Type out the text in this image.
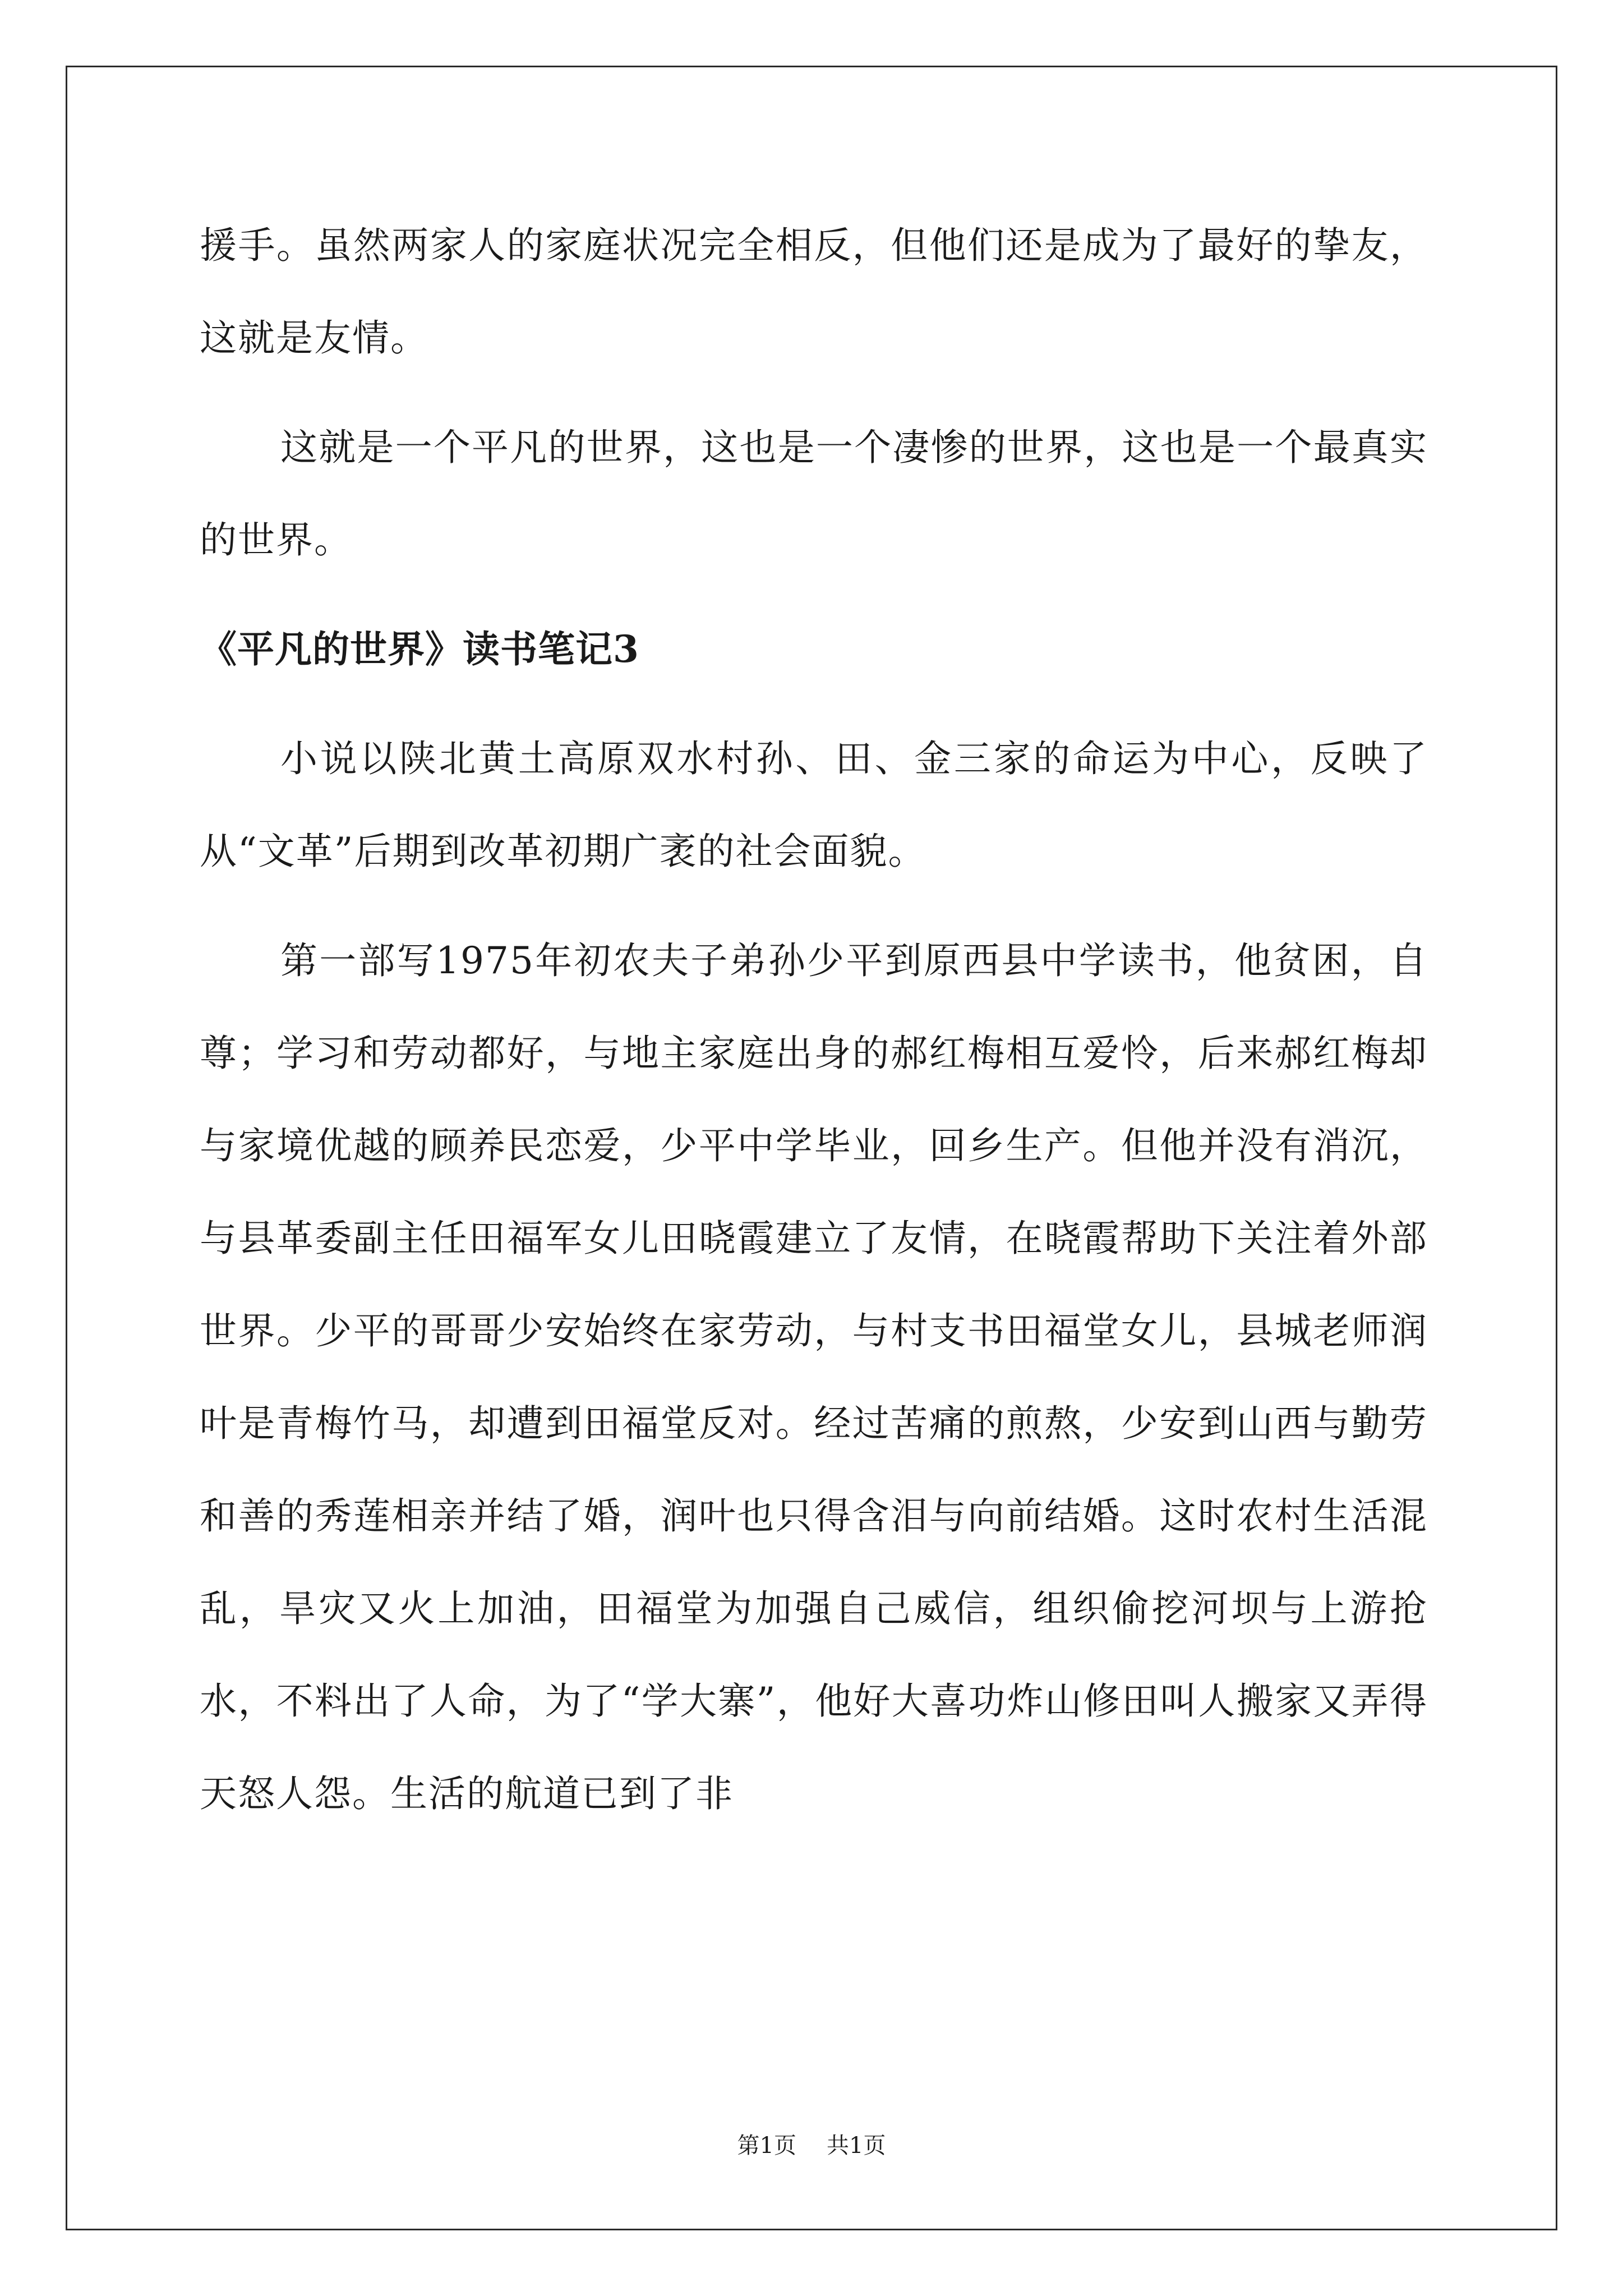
援手。虽然两家人的家庭状况完全相反，但他们还是成为了最好的挚友，这就是友情。

这就是一个平凡的世界，这也是一个凄惨的世界，这也是一个最真实的世界。

《平凡的世界》读书笔记3

小说以陕北黄土高原双水村孙、田、金三家的命运为中心，反映了从“文革”后期到改革初期广袤的社会面貌。

第一部写1975年初农夫子弟孙少平到原西县中学读书，他贫困，自尊；学习和劳动都好，与地主家庭出身的郝红梅相互爱怜，后来郝红梅却与家境优越的顾养民恋爱，少平中学毕业，回乡生产。但他并没有消沉，与县革委副主任田福军女儿田晓霞建立了友情，在晓霞帮助下关注着外部世界。少平的哥哥少安始终在家劳动，与村支书田福堂女儿，县城老师润叶是青梅竹马，却遭到田福堂反对。经过苦痛的煎熬，少安到山西与勤劳和善的秀莲相亲并结了婚，润叶也只得含泪与向前结婚。这时农村生活混乱，旱灾又火上加油，田福堂为加强自己威信，组织偷挖河坝与上游抢水，不料出了人命，为了“学大寨”，他好大喜功炸山修田叫人搬家又弄得天怒人怨。生活的航道已到了非

第1页 共1页
